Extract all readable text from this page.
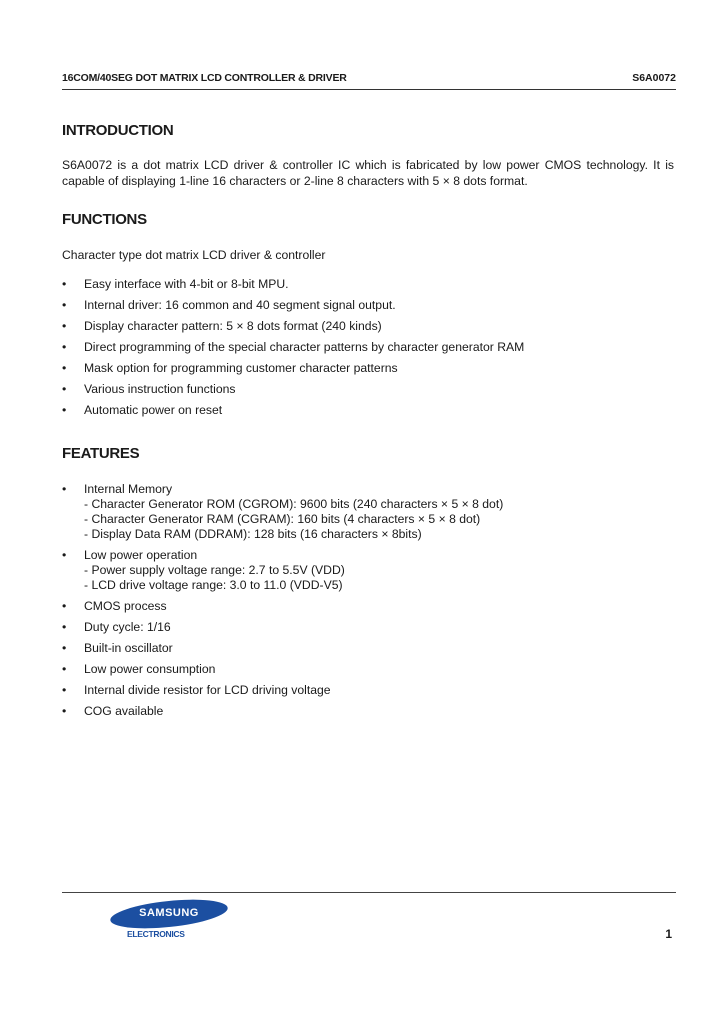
16COM/40SEG DOT MATRIX LCD CONTROLLER & DRIVER	S6A0072
INTRODUCTION
S6A0072 is a dot matrix LCD driver & controller IC which is fabricated by low power CMOS technology. It is capable of displaying 1-line 16 characters or 2-line 8 characters with 5 × 8 dots format.
FUNCTIONS
Character type dot matrix LCD driver & controller
• Easy interface with 4-bit or 8-bit MPU.
• Internal driver: 16 common and 40 segment signal output.
• Display character pattern: 5 × 8 dots format (240 kinds)
• Direct programming of the special character patterns by character generator RAM
• Mask option for programming customer character patterns
• Various instruction functions
• Automatic power on reset
FEATURES
• Internal Memory
- Character Generator ROM (CGROM): 9600 bits (240 characters × 5 × 8 dot)
- Character Generator RAM (CGRAM): 160 bits (4 characters × 5 × 8 dot)
- Display Data RAM (DDRAM): 128 bits (16 characters × 8bits)
• Low power operation
- Power supply voltage range: 2.7 to 5.5V (VDD)
- LCD drive voltage range: 3.0 to 11.0 (VDD-V5)
• CMOS process
• Duty cycle: 1/16
• Built-in oscillator
• Low power consumption
• Internal divide resistor for LCD driving voltage
• COG available
SAMSUNG
ELECTRONICS	1
